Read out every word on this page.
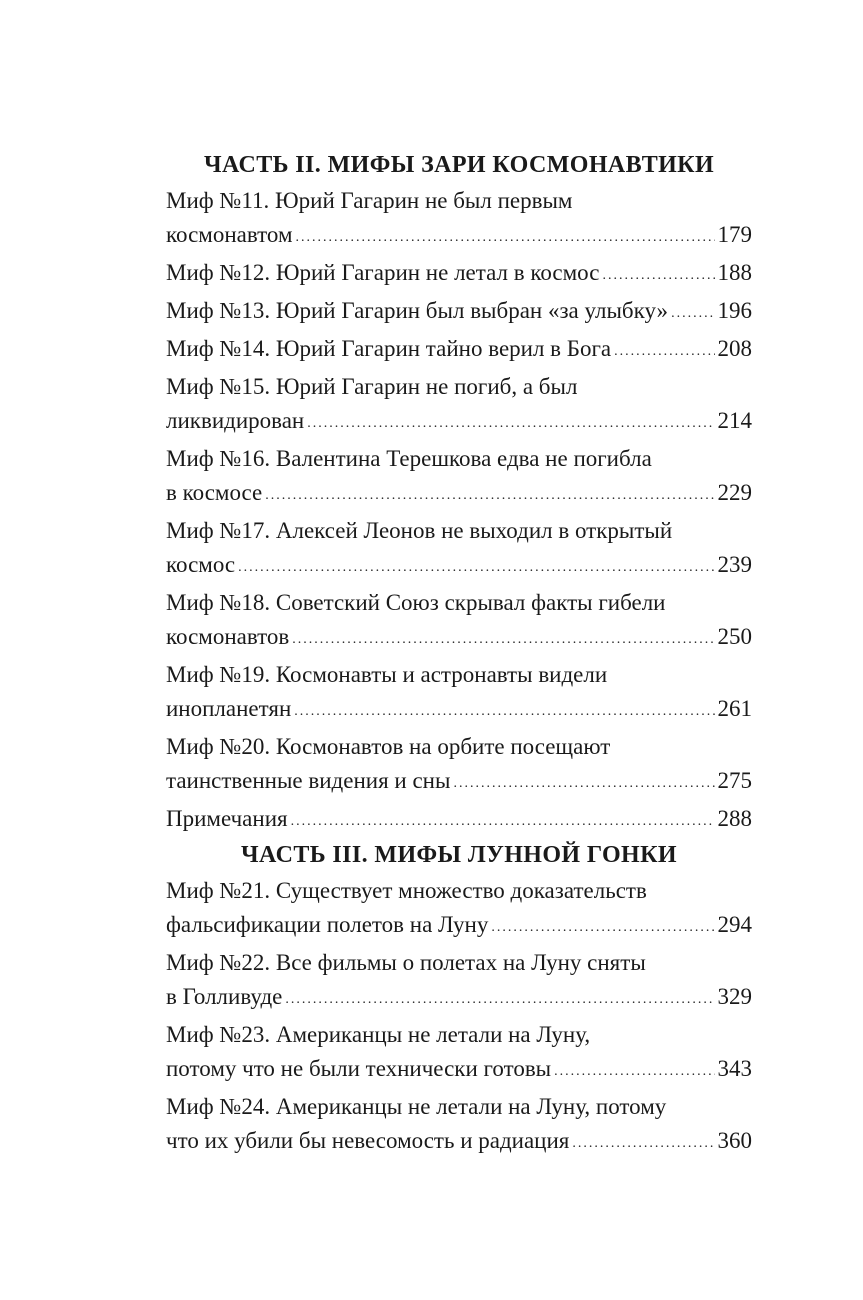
ЧАСТЬ II. МИФЫ ЗАРИ КОСМОНАВТИКИ
Миф №11. Юрий Гагарин не был первым
космонавтом .....	179
Миф №12. Юрий Гагарин не летал в космос .....	188
Миф №13. Юрий Гагарин был выбран «за улыбку» ..... 196
Миф №14. Юрий Гагарин тайно верил в Бога .....	208
Миф №15. Юрий Гагарин не погиб, а был
ликвидирован .....	214
Миф №16. Валентина Терешкова едва не погибла
в космосе .....	229
Миф №17. Алексей Леонов не выходил в открытый
космос .....	239
Миф №18. Советский Союз скрывал факты гибели
космонавтов .....	250
Миф №19. Космонавты и астронавты видели
инопланетян .....	261
Миф №20. Космонавтов на орбите посещают
таинственные видения и сны .....	275
Примечания .....	288
ЧАСТЬ III. МИФЫ ЛУННОЙ ГОНКИ
Миф №21. Существует множество доказательств
фальсификации полетов на Луну .....	294
Миф №22. Все фильмы о полетах на Луну сняты
в Голливуде .....	329
Миф №23. Американцы не летали на Луну,
потому что не были технически готовы .....	343
Миф №24. Американцы не летали на Луну, потому
что их убили бы невесомость и радиация .....	360
